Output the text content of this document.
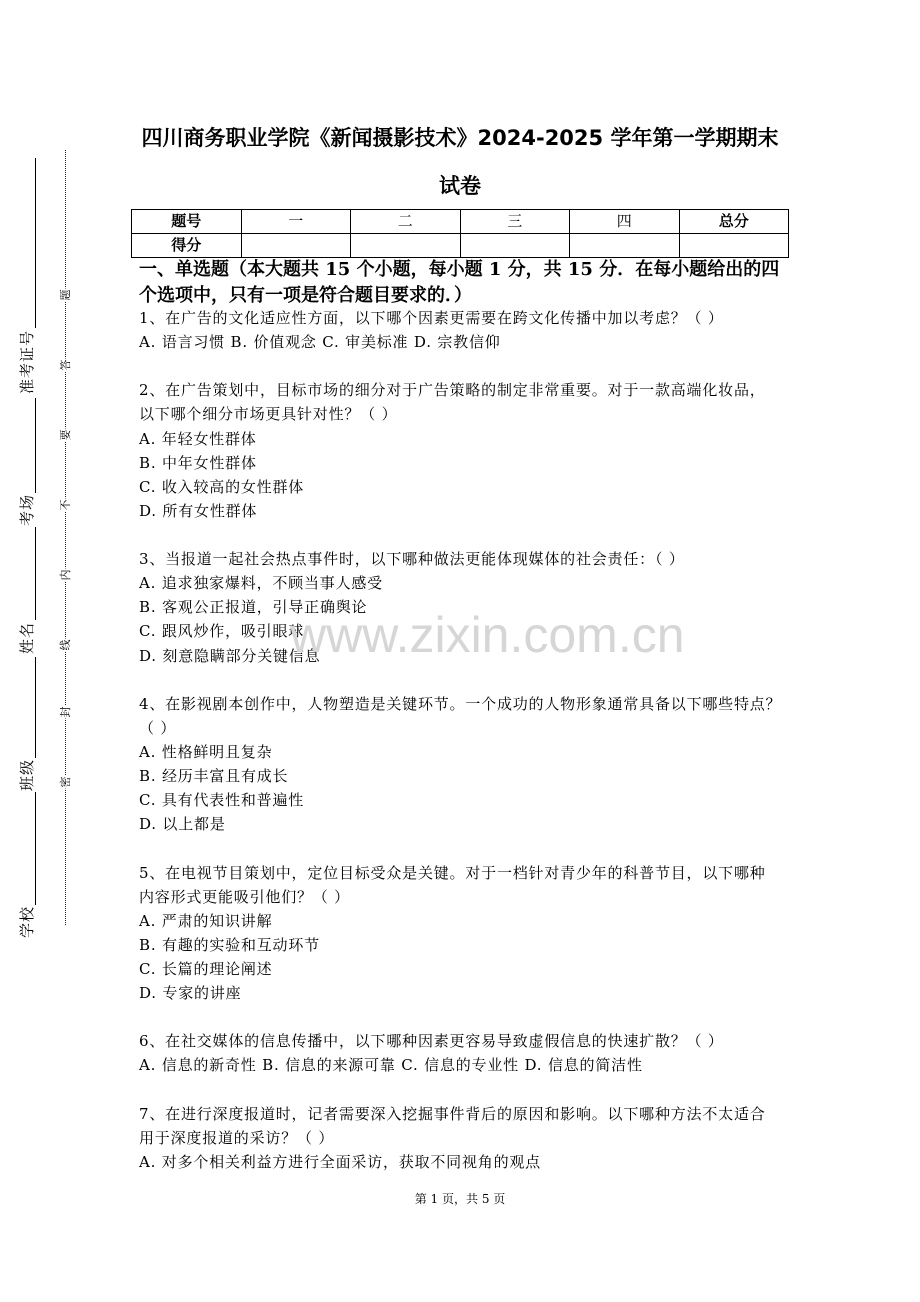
准考证号
考场
姓名
班级
学校
题
答
要
不
内
线
封
密
四川商务职业学院《新闻摄影技术》2024-2025 学年第一学期期末
试卷
题号	一	二	三	四	总分
得分					
一、单选题（本大题共 15 个小题，每小题 1 分，共 15 分．在每小题给出的四
个选项中，只有一项是符合题目要求的．）
1、在广告的文化适应性方面，以下哪个因素更需要在跨文化传播中加以考虑？（ ）
A. 语言习惯 B. 价值观念 C. 审美标准 D. 宗教信仰
2、在广告策划中，目标市场的细分对于广告策略的制定非常重要。对于一款高端化妆品，
以下哪个细分市场更具针对性？（ ）
A. 年轻女性群体
B. 中年女性群体
C. 收入较高的女性群体
D. 所有女性群体
3、当报道一起社会热点事件时，以下哪种做法更能体现媒体的社会责任：（ ）
A. 追求独家爆料，不顾当事人感受
B. 客观公正报道，引导正确舆论
C. 跟风炒作，吸引眼球
D. 刻意隐瞒部分关键信息
4、在影视剧本创作中，人物塑造是关键环节。一个成功的人物形象通常具备以下哪些特点？
（ ）
A. 性格鲜明且复杂
B. 经历丰富且有成长
C. 具有代表性和普遍性
D. 以上都是
5、在电视节目策划中，定位目标受众是关键。对于一档针对青少年的科普节目，以下哪种
内容形式更能吸引他们？（ ）
A. 严肃的知识讲解
B. 有趣的实验和互动环节
C. 长篇的理论阐述
D. 专家的讲座
6、在社交媒体的信息传播中，以下哪种因素更容易导致虚假信息的快速扩散？（ ）
A. 信息的新奇性 B. 信息的来源可靠 C. 信息的专业性 D. 信息的简洁性
7、在进行深度报道时，记者需要深入挖掘事件背后的原因和影响。以下哪种方法不太适合
用于深度报道的采访？（ ）
A. 对多个相关利益方进行全面采访，获取不同视角的观点
www.zixin.com.cn
第 1 页，共 5 页
